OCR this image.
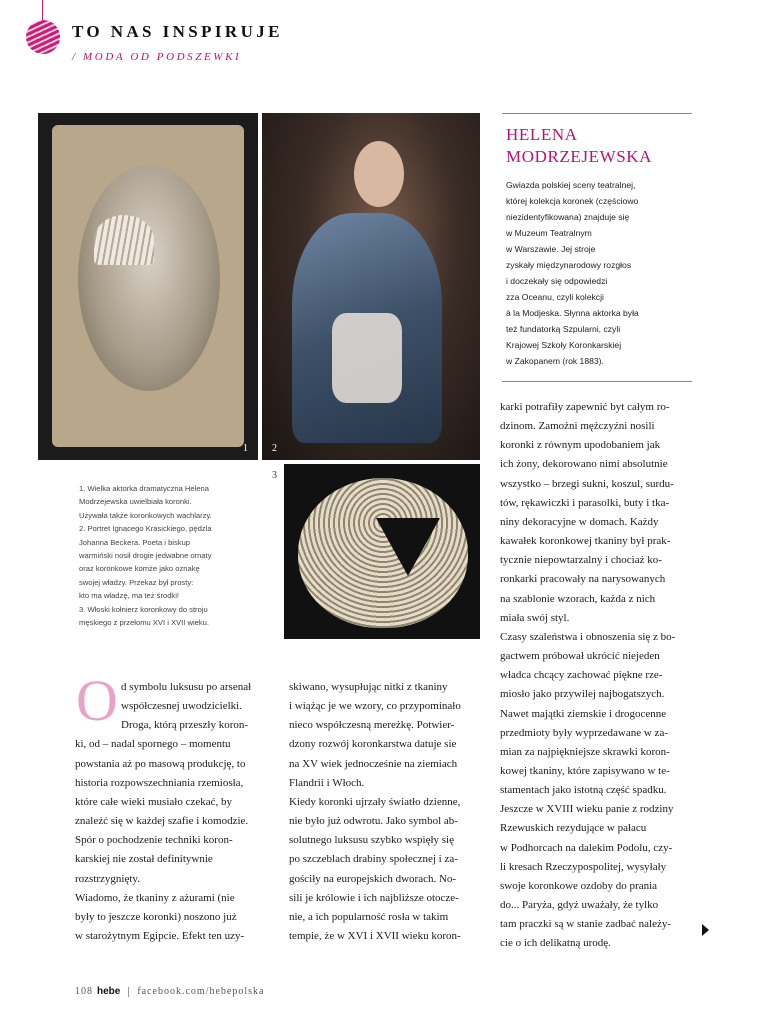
TO NAS INSPIRUJE
/ MODA OD PODSZEWKI
1 2
3
1. Wielka aktorka dramatyczna Helena
Modrzejewska uwielbiała koronki.
Używała także koronkowych wachlarzy.
2. Portret Ignacego Krasickiego, pędzla
Johanna Beckera. Poeta i biskup
warmiński nosił drogie jedwabne ornaty
oraz koronkowe komże jako oznakę
swojej władzy. Przekaz był prosty:
kto ma władzę, ma też środki!
3. Włoski kołnierz koronkowy do stroju
męskiego z przełomu XVI i XVII wieku.
HELENA
MODRZEJEWSKA
Gwiazda polskiej sceny teatralnej,
której kolekcja koronek (częściowo
niezidentyfikowana) znajduje się
w Muzeum Teatralnym
w Warszawie. Jej stroje
zyskały międzynarodowy rozgłos
i doczekały się odpowiedzi
zza Oceanu, czyli kolekcji
à la Modjeska. Słynna aktorka była
też fundatorką Szpularni, czyli
Krajowej Szkoły Koronkarskiej
w Zakopanem (rok 1883).
O d symbolu luksusu po arsenał
współczesnej uwodzicielki.
Droga, którą przeszły koron-
ki, od – nadal spornego – momentu
powstania aż po masową produkcję, to
historia rozpowszechniania rzemiosła,
które całe wieki musiało czekać, by
znaleźć się w każdej szafie i komodzie.
Spór o pochodzenie techniki koron-
karskiej nie został definitywnie
rozstrzygnięty.
Wiadomo, że tkaniny z ażurami (nie
były to jeszcze koronki) noszono już
w starożytnym Egipcie. Efekt ten uzy-
skiwano, wysupłując nitki z tkaniny
i wiążąc je we wzory, co przypominało
nieco współczesną mereżkę. Potwier-
dzony rozwój koronkarstwa datuje sie
na XV wiek jednocześnie na ziemiach
Flandrii i Włoch.
Kiedy koronki ujrzały światło dzienne,
nie było już odwrotu. Jako symbol ab-
solutnego luksusu szybko wspięły się
po szczeblach drabiny społecznej i za-
gościły na europejskich dworach. No-
sili je królowie i ich najbliższe otocze-
nie, a ich popularność rosła w takim
tempie, że w XVI i XVII wieku koron-
karki potrafiły zapewnić byt całym ro-
dzinom. Zamożni mężczyźni nosili
koronki z równym upodobaniem jak
ich żony, dekorowano nimi absolutnie
wszystko – brzegi sukni, koszul, surdu-
tów, rękawiczki i parasolki, buty i tka-
niny dekoracyjne w domach. Każdy
kawałek koronkowej tkaniny był prak-
tycznie niepowtarzalny i chociaż ko-
ronkarki pracowały na narysowanych
na szablonie wzorach, każda z nich
miała swój styl.
Czasy szaleństwa i obnoszenia się z bo-
gactwem próbował ukrócić niejeden
władca chcący zachować piękne rze-
miosło jako przywilej najbogatszych.
Nawet majątki ziemskie i drogocenne
przedmioty były wyprzedawane w za-
mian za najpiękniejsze skrawki koron-
kowej tkaniny, które zapisywano w te-
stamentach jako istotną część spadku.
Jeszcze w XVIII wieku panie z rodziny
Rzewuskich rezydujące w pałacu
w Podhorcach na dalekim Podolu, czy-
li kresach Rzeczypospolitej, wysyłały
swoje koronkowe ozdoby do prania
do... Paryża, gdyż uważały, że tylko
tam praczki są w stanie zadbać należy-
cie o ich delikatną urodę.
108 hebe facebook.com/hebepolska
